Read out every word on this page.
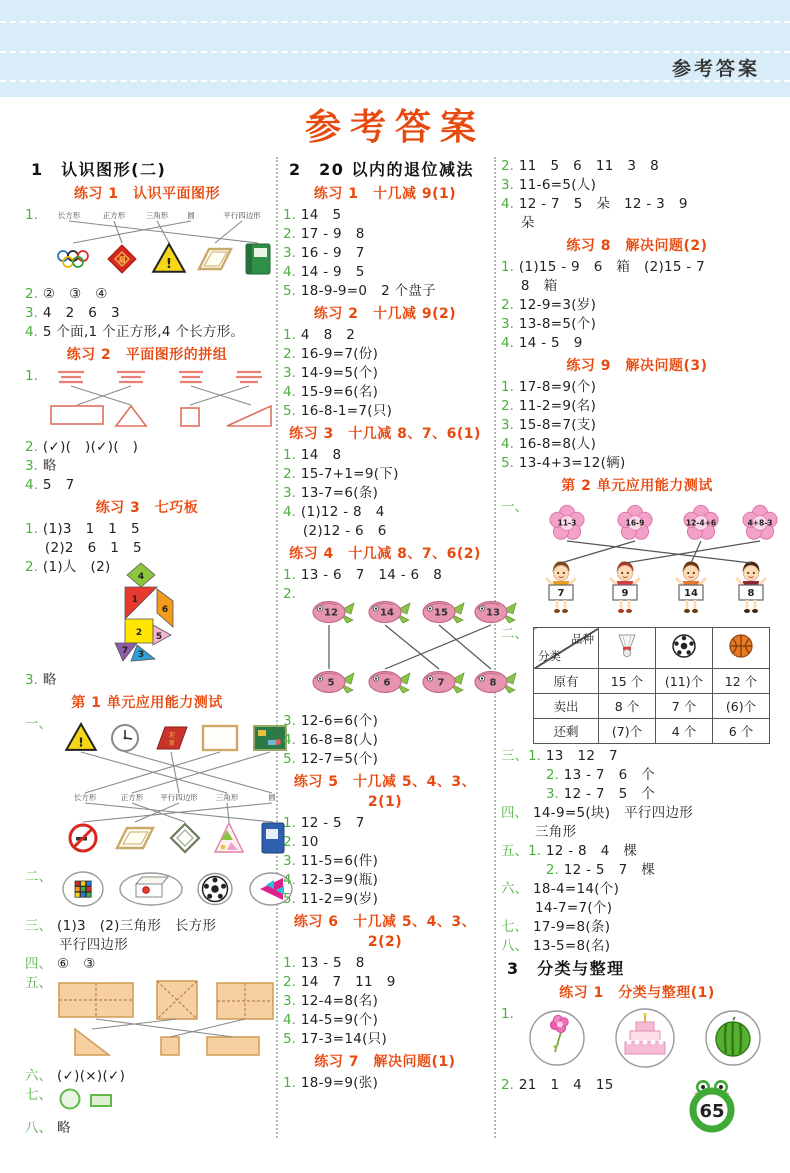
参考答案
参考答案
1　认识图形(二)
练习 1　认识平面图形
1.	长方形	正方形	三角形	圆	平行四边形
福	!
2. ②　③　④
3. 4　2　6　3
4. 5 个面,1 个正方形,4 个长方形。
练习 2　平面图形的拼组
1.
2. (✓)(　)(✓)(　)
3. 略
4. 5　7
练习 3　七巧板
1. (1)3　1　1　5
(2)2　6　1　5
2. (1)人　(2)
4
1
6
2 5
7 3
3. 略
第 1 单元应用能力测试
一、
!	迎
新
长方形	正方形 平行四边形 三角形	圆
二、
三、 (1)3　(2)三角形　长方形
平行四边形
四、 ⑥　③
五、
六、 (✓)(×)(✓)
七、
八、 略
2　20 以内的退位减法
练习 1　十几减 9(1)
1. 14　5
2. 17 - 9　8
3. 16 - 9　7
4. 14 - 9　5
5. 18-9-9=0　2 个盘子
练习 2　十几减 9(2)
1. 4　8　2
2. 16-9=7(份)
3. 14-9=5(个)
4. 15-9=6(名)
5. 16-8-1=7(只)
练习 3　十几减 8、7、6(1)
1. 14　8
2. 15-7+1=9(下)
3. 13-7=6(条)
4. (1)12 - 8　4
(2)12 - 6　6
练习 4　十几减 8、7、6(2)
1. 13 - 6　7　14 - 6　8
2.
12	14	15	13
5	6	7	8
3. 12-6=6(个)
4. 16-8=8(人)
5. 12-7=5(个)
练习 5　十几减 5、4、3、2(1)
1. 12 - 5　7
2. 10
3. 11-5=6(件)
4. 12-3=9(瓶)
5. 11-2=9(岁)
练习 6　十几减 5、4、3、2(2)
1. 13 - 5　8
2. 14　7　11　9
3. 12-4=8(名)
4. 14-5=9(个)
5. 17-3=14(只)
练习 7　解决问题(1)
1. 18-9=9(张)
2. 11　5　6　11　3　8
3. 11-6=5(人)
4. 12 - 7　5　朵　12 - 3　9
朵
练习 8　解决问题(2)
1. (1)15 - 9　6　箱　(2)15 - 7
8　箱
2. 12-9=3(岁)
3. 13-8=5(个)
4. 14 - 5　9
练习 9　解决问题(3)
1. 17-8=9(个)
2. 11-2=9(名)
3. 15-8=7(支)
4. 16-8=8(人)
5. 13-4+3=12(辆)
第 2 单元应用能力测试
一、
11-3	16-9	12-4+6	4+8-3
7	9	14	8
二、	品种
分类

原有	15 个	(11)个	12 个
卖出	8 个	7 个	(6)个
还剩	(7)个	4 个	6 个
三、1. 13　12　7
2. 13 - 7　6　个
3. 12 - 7　5　个
四、 14-9=5(块)　平行四边形
三角形
五、1. 12 - 8　4　棵
2. 12 - 5　7　棵
六、 18-4=14(个)
14-7=7(个)
七、 17-9=8(条)
八、 13-5=8(名)
3　分类与整理
练习 1　分类与整理(1)
1.
2. 21　1　4　15
65
